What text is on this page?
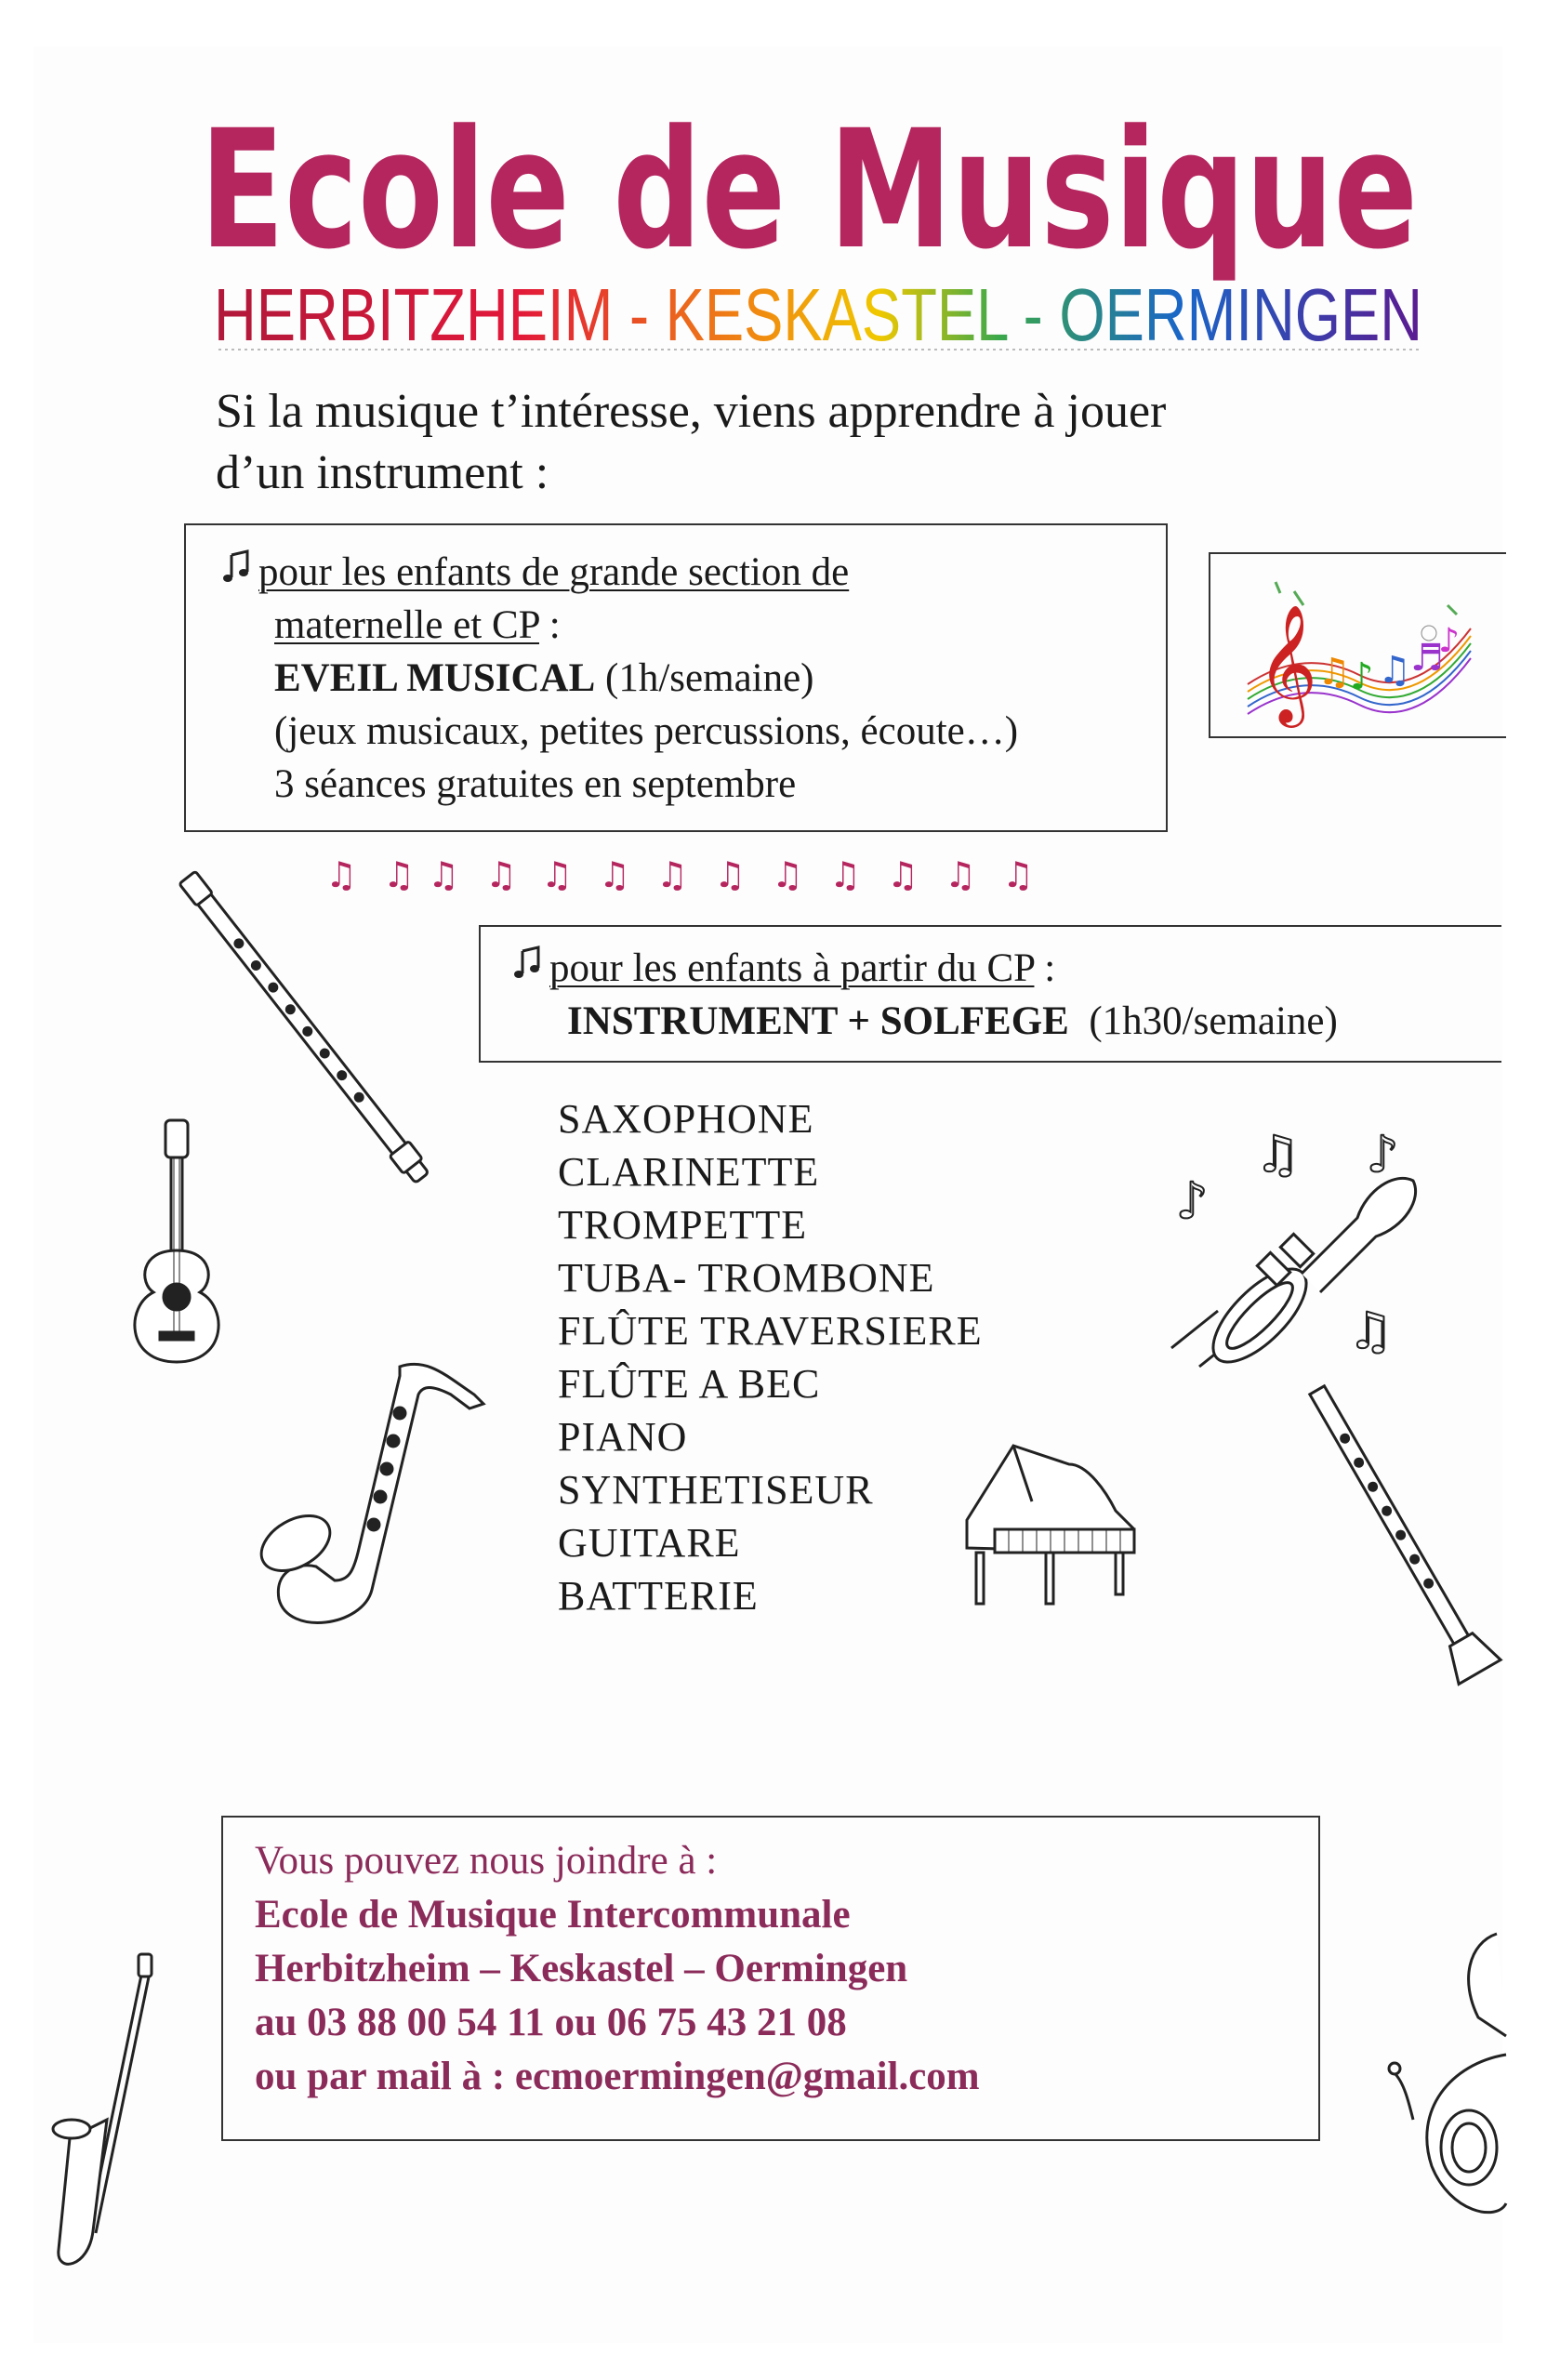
Ecole de Musique
HERBITZHEIM - KESKASTEL - OERMINGEN
Si la musique t’intéresse, viens apprendre à jouer
d’un instrument :
pour les enfants de grande section de
maternelle et CP :
EVEIL MUSICAL (1h/semaine)
(jeux musicaux, petites percussions, écoute…)
3 séances gratuites en septembre
𝄞 ♫ ♪ ♫ ♬
♪
♫ ♫ ♫ ♫ ♫ ♫ ♫ ♫ ♫ ♫ ♫ ♫ ♫
pour les enfants à partir du CP :
INSTRUMENT + SOLFEGE  (1h30/semaine)
SAXOPHONE
CLARINETTE
TROMPETTE
TUBA- TROMBONE
FLÛTE TRAVERSIERE
FLÛTE A BEC
PIANO
SYNTHETISEUR
GUITARE
BATTERIE
♪
♫ ♪
♫
Vous pouvez nous joindre à :
Ecole de Musique Intercommunale
Herbitzheim – Keskastel – Oermingen
au 03 88 00 54 11 ou 06 75 43 21 08
ou par mail à : ecmoermingen@gmail.com
